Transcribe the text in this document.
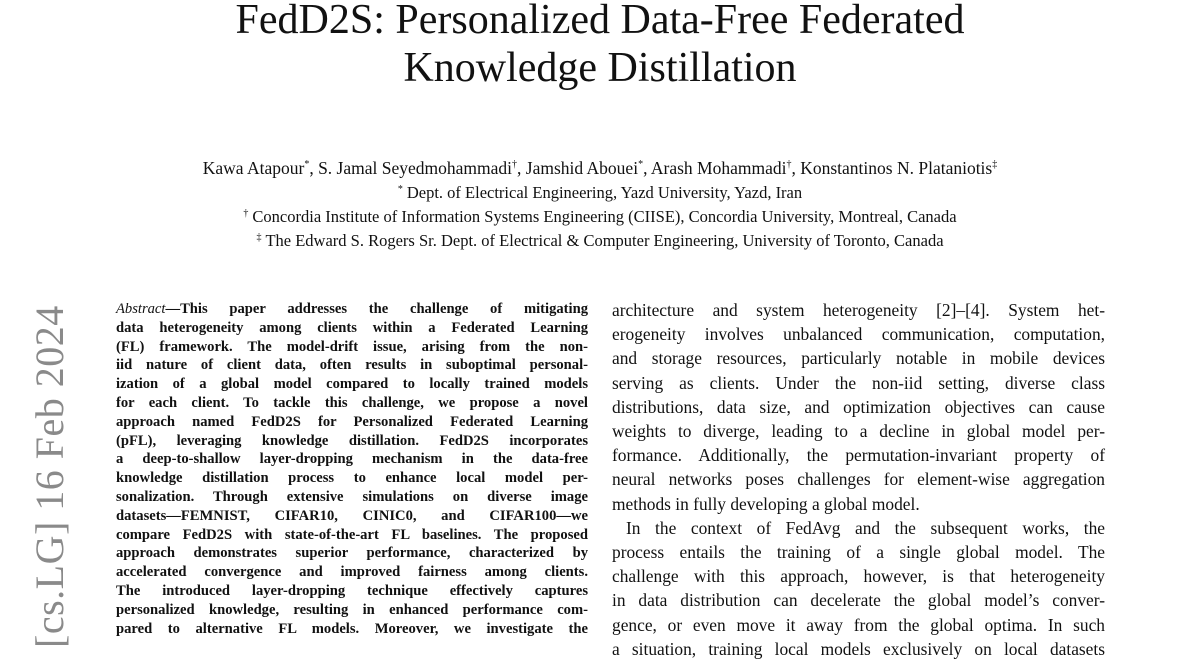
FedD2S: Personalized Data-Free Federated
Knowledge Distillation
Kawa Atapour*, S. Jamal Seyedmohammadi†, Jamshid Abouei*, Arash Mohammadi†, Konstantinos N. Plataniotis‡
* Dept. of Electrical Engineering, Yazd University, Yazd, Iran
† Concordia Institute of Information Systems Engineering (CIISE), Concordia University, Montreal, Canada
‡ The Edward S. Rogers Sr. Dept. of Electrical & Computer Engineering, University of Toronto, Canada
[cs.LG] 16 Feb 2024	Abstract—This paper addresses the challenge of mitigating
data heterogeneity among clients within a Federated Learning
(FL) framework. The model-drift issue, arising from the non-
iid nature of client data, often results in suboptimal personal-
ization of a global model compared to locally trained models
for each client. To tackle this challenge, we propose a novel
approach named FedD2S for Personalized Federated Learning
(pFL), leveraging knowledge distillation. FedD2S incorporates
a deep-to-shallow layer-dropping mechanism in the data-free
knowledge distillation process to enhance local model per-
sonalization. Through extensive simulations on diverse image
datasets—FEMNIST, CIFAR10, CINIC0, and CIFAR100—we
compare FedD2S with state-of-the-art FL baselines. The proposed
approach demonstrates superior performance, characterized by
accelerated convergence and improved fairness among clients.
The introduced layer-dropping technique effectively captures
personalized knowledge, resulting in enhanced performance com-
pared to alternative FL models. Moreover, we investigate the
architecture and system heterogeneity [2]–[4]. System het-
erogeneity involves unbalanced communication, computation,
and storage resources, particularly notable in mobile devices
serving as clients. Under the non-iid setting, diverse class
distributions, data size, and optimization objectives can cause
weights to diverge, leading to a decline in global model per-
formance. Additionally, the permutation-invariant property of
neural networks poses challenges for element-wise aggregation
methods in fully developing a global model.
In the context of FedAvg and the subsequent works, the
process entails the training of a single global model. The
challenge with this approach, however, is that heterogeneity
in data distribution can decelerate the global model’s conver-
gence, or even move it away from the global optima. In such
a situation, training local models exclusively on local datasets
